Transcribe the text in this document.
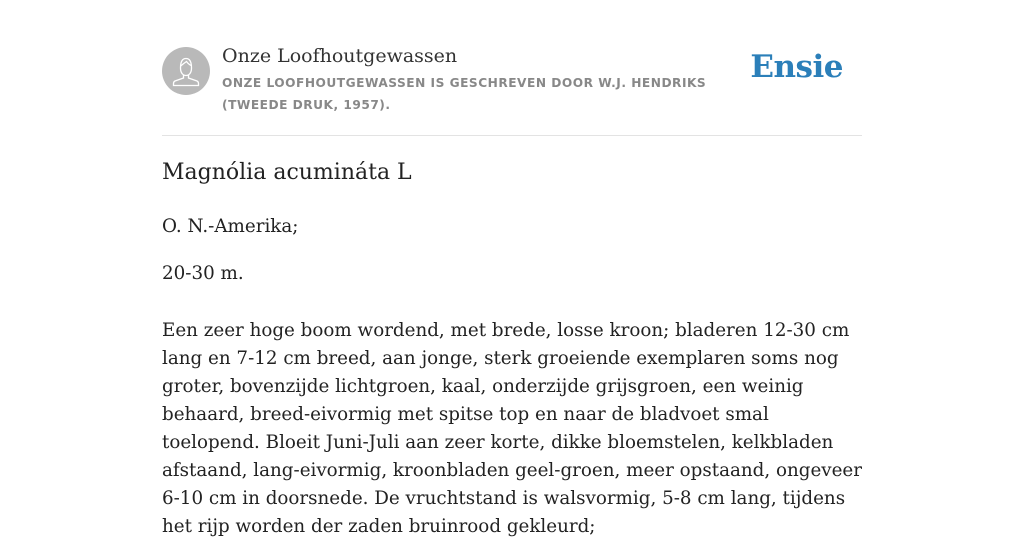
Onze Loofhoutgewassen

ONZE LOOFHOUTGEWASSEN IS GESCHREVEN DOOR W.J. HENDRIKS (TWEEDE DRUK, 1957).

Ensie
Magnólia acumináta L

O. N.-Amerika;

20-30 m.

Een zeer hoge boom wordend, met brede, losse kroon; bladeren 12-30 cm lang en 7-12 cm breed, aan jonge, sterk groeiende exemplaren soms nog groter, bovenzijde lichtgroen, kaal, onderzijde grijsgroen, een weinig behaard, breed-eivormig met spitse top en naar de bladvoet smal toelopend. Bloeit Juni-Juli aan zeer korte, dikke bloemstelen, kelkbladen afstaand, lang-eivormig, kroonbladen geel-groen, meer opstaand, ongeveer 6-10 cm in doorsnede. De vruchtstand is walsvormig, 5-8 cm lang, tijdens het rijp worden der zaden bruinrood gekleurd;
